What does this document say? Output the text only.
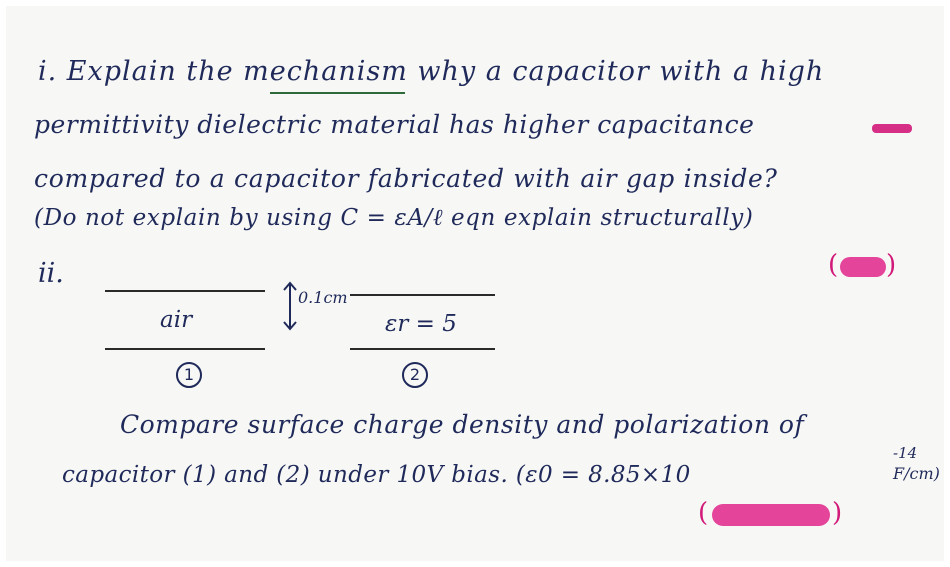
i. Explain the mechanism why a capacitor with a high
permittivity dielectric material has higher capacitance
compared to a capacitor fabricated with air gap inside?
(Do not explain by using C = εA/ℓ eqn explain structurally)
( )
ii.
air
1
0.1cm
εr = 5
2
Compare surface charge density and polarization of
capacitor (1) and (2) under 10V bias. (ε0 = 8.85×10
-14
F/cm)
(	)
